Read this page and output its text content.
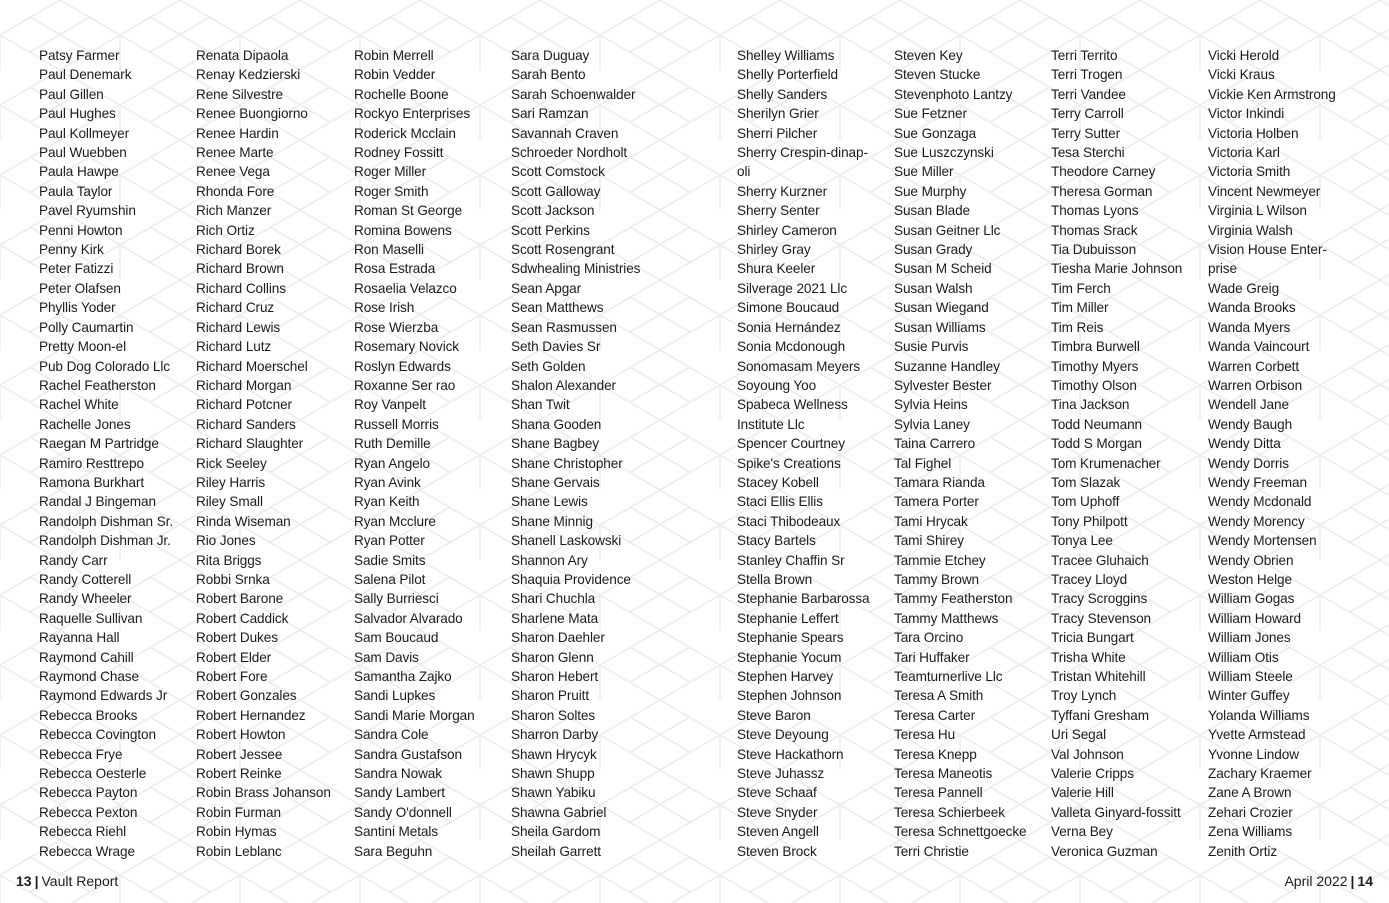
Patsy Farmer
Paul Denemark
Paul Gillen
Paul Hughes
Paul Kollmeyer
Paul Wuebben
Paula Hawpe
Paula Taylor
Pavel Ryumshin
Penni Howton
Penny Kirk
Peter Fatizzi
Peter Olafsen
Phyllis Yoder
Polly Caumartin
Pretty Moon-el
Pub Dog Colorado Llc
Rachel Featherston
Rachel White
Rachelle Jones
Raegan M Partridge
Ramiro Resttrepo
Ramona Burkhart
Randal J Bingeman
Randolph Dishman Sr.
Randolph Dishman Jr.
Randy Carr
Randy Cotterell
Randy Wheeler
Raquelle Sullivan
Rayanna Hall
Raymond Cahill
Raymond Chase
Raymond Edwards Jr
Rebecca Brooks
Rebecca Covington
Rebecca Frye
Rebecca Oesterle
Rebecca Payton
Rebecca Pexton
Rebecca Riehl
Rebecca Wrage
Renata Dipaola
Renay Kedzierski
Rene Silvestre
Renee Buongiorno
Renee Hardin
Renee Marte
Renee Vega
Rhonda Fore
Rich Manzer
Rich Ortiz
Richard Borek
Richard Brown
Richard Collins
Richard Cruz
Richard Lewis
Richard Lutz
Richard Moerschel
Richard Morgan
Richard Potcner
Richard Sanders
Richard Slaughter
Rick Seeley
Riley Harris
Riley Small
Rinda Wiseman
Rio Jones
Rita Briggs
Robbi Srnka
Robert Barone
Robert Caddick
Robert Dukes
Robert Elder
Robert Fore
Robert Gonzales
Robert Hernandez
Robert Howton
Robert Jessee
Robert Reinke
Robin Brass Johanson
Robin Furman
Robin Hymas
Robin Leblanc
Robin Merrell
Robin Vedder
Rochelle Boone
Rockyo Enterprises
Roderick Mcclain
Rodney Fossitt
Roger Miller
Roger Smith
Roman St George
Romina Bowens
Ron Maselli
Rosa Estrada
Rosaelia Velazco
Rose Irish
Rose Wierzba
Rosemary Novick
Roslyn Edwards
Roxanne Ser rao
Roy Vanpelt
Russell Morris
Ruth Demille
Ryan Angelo
Ryan Avink
Ryan Keith
Ryan Mcclure
Ryan Potter
Sadie Smits
Salena Pilot
Sally Burriesci
Salvador Alvarado
Sam Boucaud
Sam Davis
Samantha Zajko
Sandi Lupkes
Sandi Marie Morgan
Sandra Cole
Sandra Gustafson
Sandra Nowak
Sandy Lambert
Sandy O'donnell
Santini Metals
Sara Beguhn
Sara Duguay
Sarah Bento
Sarah Schoenwalder
Sari Ramzan
Savannah Craven
Schroeder Nordholt
Scott Comstock
Scott Galloway
Scott Jackson
Scott Perkins
Scott Rosengrant
Sdwhealing Ministries
Sean Apgar
Sean Matthews
Sean Rasmussen
Seth Davies Sr
Seth Golden
Shalon Alexander
Shan Twit
Shana Gooden
Shane Bagbey
Shane Christopher
Shane Gervais
Shane Lewis
Shane Minnig
Shanell Laskowski
Shannon Ary
Shaquia Providence
Shari Chuchla
Sharlene Mata
Sharon Daehler
Sharon Glenn
Sharon Hebert
Sharon Pruitt
Sharon Soltes
Sharron Darby
Shawn Hrycyk
Shawn Shupp
Shawn Yabiku
Shawna Gabriel
Sheila Gardom
Sheilah Garrett
Shelley Williams
Shelly Porterfield
Shelly Sanders
Sherilyn Grier
Sherri Pilcher
Sherry Crespin-dinap-oli
Sherry Kurzner
Sherry Senter
Shirley Cameron
Shirley Gray
Shura Keeler
Silverage 2021 Llc
Simone Boucaud
Sonia Hernández
Sonia Mcdonough
Sonomasam Meyers
Soyoung Yoo
Spabeca Wellness Institute Llc
Spencer Courtney
Spike's Creations
Stacey Kobell
Staci Ellis Ellis
Staci Thibodeaux
Stacy Bartels
Stanley Chaffin Sr
Stella Brown
Stephanie Barbarossa
Stephanie Leffert
Stephanie Spears
Stephanie Yocum
Stephen Harvey
Stephen Johnson
Steve Baron
Steve Deyoung
Steve Hackathorn
Steve Juhassz
Steve Schaaf
Steve Snyder
Steven Angell
Steven Brock
Steven Key
Steven Stucke
Stevenphoto Lantzy
Sue Fetzner
Sue Gonzaga
Sue Luszczynski
Sue Miller
Sue Murphy
Susan Blade
Susan Geitner Llc
Susan Grady
Susan M Scheid
Susan Walsh
Susan Wiegand
Susan Williams
Susie Purvis
Suzanne Handley
Sylvester Bester
Sylvia Heins
Sylvia Laney
Taina Carrero
Tal Fighel
Tamara Rianda
Tamera Porter
Tami Hrycak
Tami Shirey
Tammie Etchey
Tammy Brown
Tammy Featherston
Tammy Matthews
Tara Orcino
Tari Huffaker
Teamturnerlive Llc
Teresa A Smith
Teresa Carter
Teresa Hu
Teresa Knepp
Teresa Maneotis
Teresa Pannell
Teresa Schierbeek
Teresa Schnettgoecke
Terri Christie
Terri Territo
Terri Trogen
Terri Vandee
Terry Carroll
Terry Sutter
Tesa Sterchi
Theodore Carney
Theresa Gorman
Thomas Lyons
Thomas Srack
Tia Dubuisson
Tiesha Marie Johnson
Tim Ferch
Tim Miller
Tim Reis
Timbra Burwell
Timothy Myers
Timothy Olson
Tina Jackson
Todd Neumann
Todd S Morgan
Tom Krumenacher
Tom Slazak
Tom Uphoff
Tony Philpott
Tonya Lee
Tracee Gluhaich
Tracey Lloyd
Tracy Scroggins
Tracy Stevenson
Tricia Bungart
Trisha White
Tristan Whitehill
Troy Lynch
Tyffani Gresham
Uri Segal
Val Johnson
Valerie Cripps
Valerie Hill
Valleta Ginyard-fossitt
Verna Bey
Veronica Guzman
Vicki Herold
Vicki Kraus
Vickie Ken Armstrong
Victor Inkindi
Victoria Holben
Victoria Karl
Victoria Smith
Vincent Newmeyer
Virginia L Wilson
Virginia Walsh
Vision House Enter-prise
Wade Greig
Wanda Brooks
Wanda Myers
Wanda Vaincourt
Warren Corbett
Warren Orbison
Wendell Jane
Wendy Baugh
Wendy Ditta
Wendy Dorris
Wendy Freeman
Wendy Mcdonald
Wendy Morency
Wendy Mortensen
Wendy Obrien
Weston Helge
William Gogas
William Howard
William Jones
William Otis
William Steele
Winter Guffey
Yolanda Williams
Yvette Armstead
Yvonne Lindow
Zachary Kraemer
Zane A Brown
Zehari Crozier
Zena Williams
Zenith Ortiz
13 | Vault Report	April 2022 | 14
